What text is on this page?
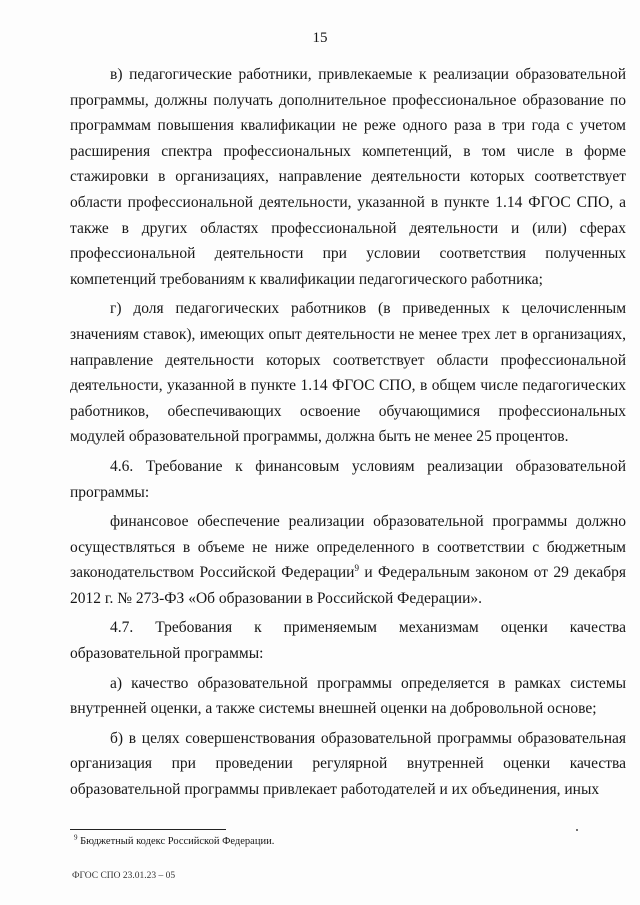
15

в) педагогические работники, привлекаемые к реализации образовательной программы, должны получать дополнительное профессиональное образование по программам повышения квалификации не реже одного раза в три года с учетом расширения спектра профессиональных компетенций, в том числе в форме стажировки в организациях, направление деятельности которых соответствует области профессиональной деятельности, указанной в пункте 1.14 ФГОС СПО, а также в других областях профессиональной деятельности и (или) сферах профессиональной деятельности при условии соответствия полученных компетенций требованиям к квалификации педагогического работника;

г) доля педагогических работников (в приведенных к целочисленным значениям ставок), имеющих опыт деятельности не менее трех лет в организациях, направление деятельности которых соответствует области профессиональной деятельности, указанной в пункте 1.14 ФГОС СПО, в общем числе педагогических работников, обеспечивающих освоение обучающимися профессиональных модулей образовательной программы, должна быть не менее 25 процентов.

4.6. Требование к финансовым условиям реализации образовательной программы:

финансовое обеспечение реализации образовательной программы должно осуществляться в объеме не ниже определенного в соответствии с бюджетным законодательством Российской Федерации$^9$ и Федеральным законом от 29 декабря 2012 г. № 273-ФЗ «Об образовании в Российской Федерации».

4.7. Требования к применяемым механизмам оценки качества образовательной программы:

а) качество образовательной программы определяется в рамках системы внутренней оценки, а также системы внешней оценки на добровольной основе;

б) в целях совершенствования образовательной программы образовательная организация при проведении регулярной внутренней оценки качества образовательной программы привлекает работодателей и их объединения, иных

$^9$ Бюджетный кодекс Российской Федерации.
ФГОС СПО 23.01.23 – 05
